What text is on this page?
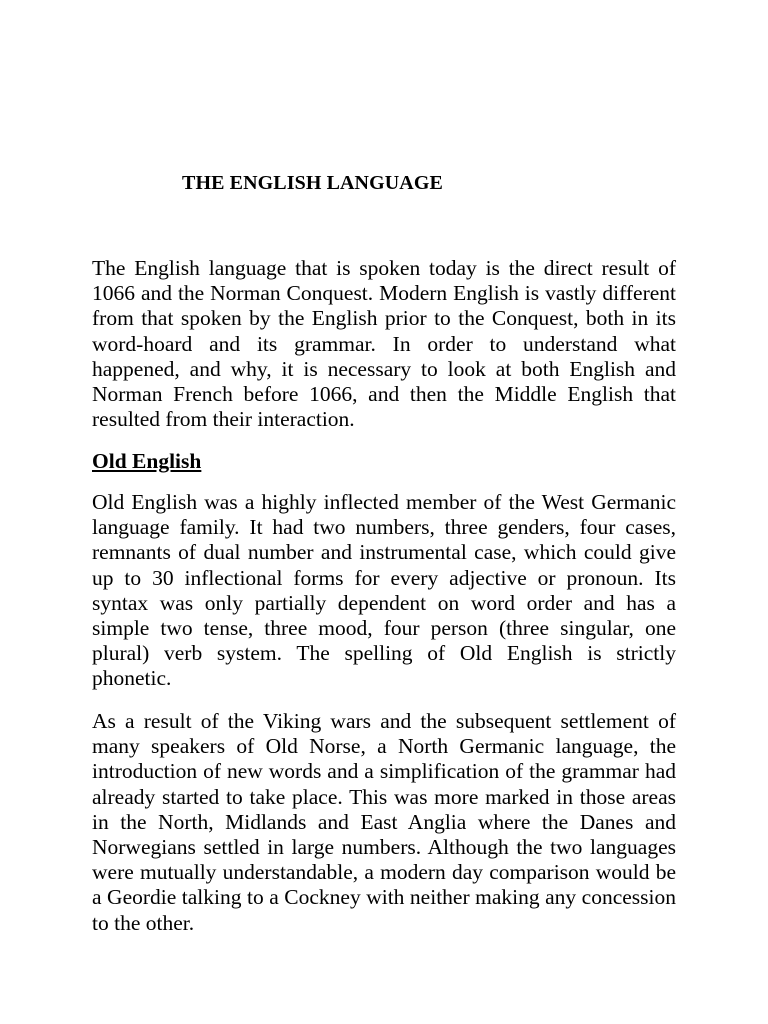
THE ENGLISH LANGUAGE

The English language that is spoken today is the direct result of 1066 and the Norman Conquest. Modern English is vastly different from that spoken by the English prior to the Conquest, both in its word-hoard and its grammar. In order to understand what happened, and why, it is necessary to look at both English and Norman French before 1066, and then the Middle English that resulted from their interaction.

Old English

Old English was a highly inflected member of the West Germanic language family. It had two numbers, three genders, four cases, remnants of dual number and instrumental case, which could give up to 30 inflectional forms for every adjective or pronoun. Its syntax was only partially dependent on word order and has a simple two tense, three mood, four person (three singular, one plural) verb system. The spelling of Old English is strictly phonetic.

As a result of the Viking wars and the subsequent settlement of many speakers of Old Norse, a North Germanic language, the introduction of new words and a simplification of the grammar had already started to take place. This was more marked in those areas in the North, Midlands and East Anglia where the Danes and Norwegians settled in large numbers. Although the two languages were mutually understandable, a modern day comparison would be a Geordie talking to a Cockney with neither making any concession to the other.
